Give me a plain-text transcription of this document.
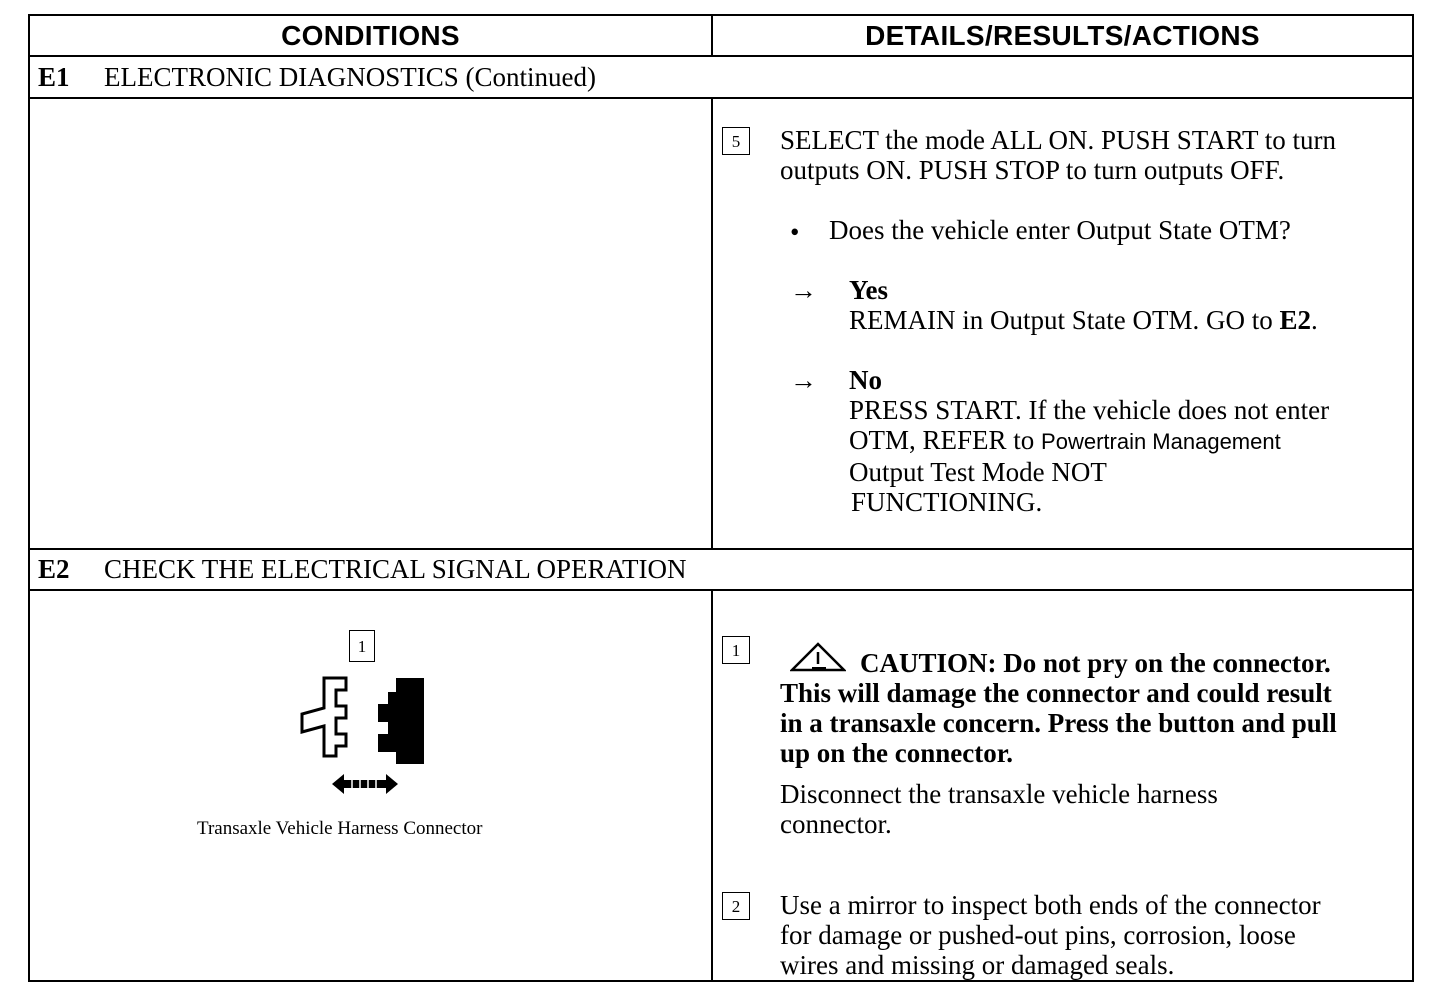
CONDITIONS	DETAILS/RESULTS/ACTIONS
E1 ELECTRONIC DIAGNOSTICS (Continued)
5	SELECT the mode ALL ON. PUSH START to turn
outputs ON. PUSH STOP to turn outputs OFF.
• Does the vehicle enter Output State OTM?
→ Yes
REMAIN in Output State OTM. GO to E2.
→ No
PRESS START. If the vehicle does not enter
OTM, REFER to Powertrain Management
Output Test Mode NOT
FUNCTIONING.
E2 CHECK THE ELECTRICAL SIGNAL OPERATION
1
Transaxle Vehicle Harness Connector
1	CAUTION: Do not pry on the connector.
This will damage the connector and could result
in a transaxle concern. Press the button and pull
up on the connector.
Disconnect the transaxle vehicle harness
connector.
2	Use a mirror to inspect both ends of the connector
for damage or pushed-out pins, corrosion, loose
wires and missing or damaged seals.
